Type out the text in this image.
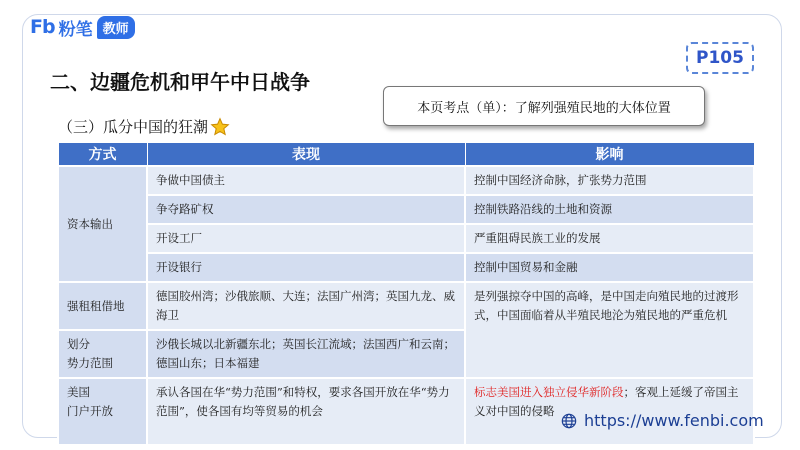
Fb 粉笔 教师
P105
二、边疆危机和甲午中日战争
本页考点（单）：了解列强殖民地的大体位置
（三）瓜分中国的狂潮
方式	表现	影响
资本输出	争做中国债主	控制中国经济命脉，扩张势力范围
	争夺路矿权	控制铁路沿线的土地和资源
	开设工厂	严重阻碍民族工业的发展
	开设银行	控制中国贸易和金融
强租租借地	德国胶州湾；沙俄旅顺、大连；法国广州湾；英国九龙、威海卫	是列强掠夺中国的高峰，是中国走向殖民地的过渡形式，中国面临着从半殖民地沦为殖民地的严重危机

划分
势力范围	沙俄长城以北新疆东北；英国长江流域；法国西广和云南；德国山东；日本福建	

美国
门户开放	承认各国在华“势力范围”和特权，要求各国开放在华“势力范围”，使各国有均等贸易的机会	标志美国进入独立侵华新阶段；客观上延缓了帝国主义对中国的侵略 https://www.fenbi.com
